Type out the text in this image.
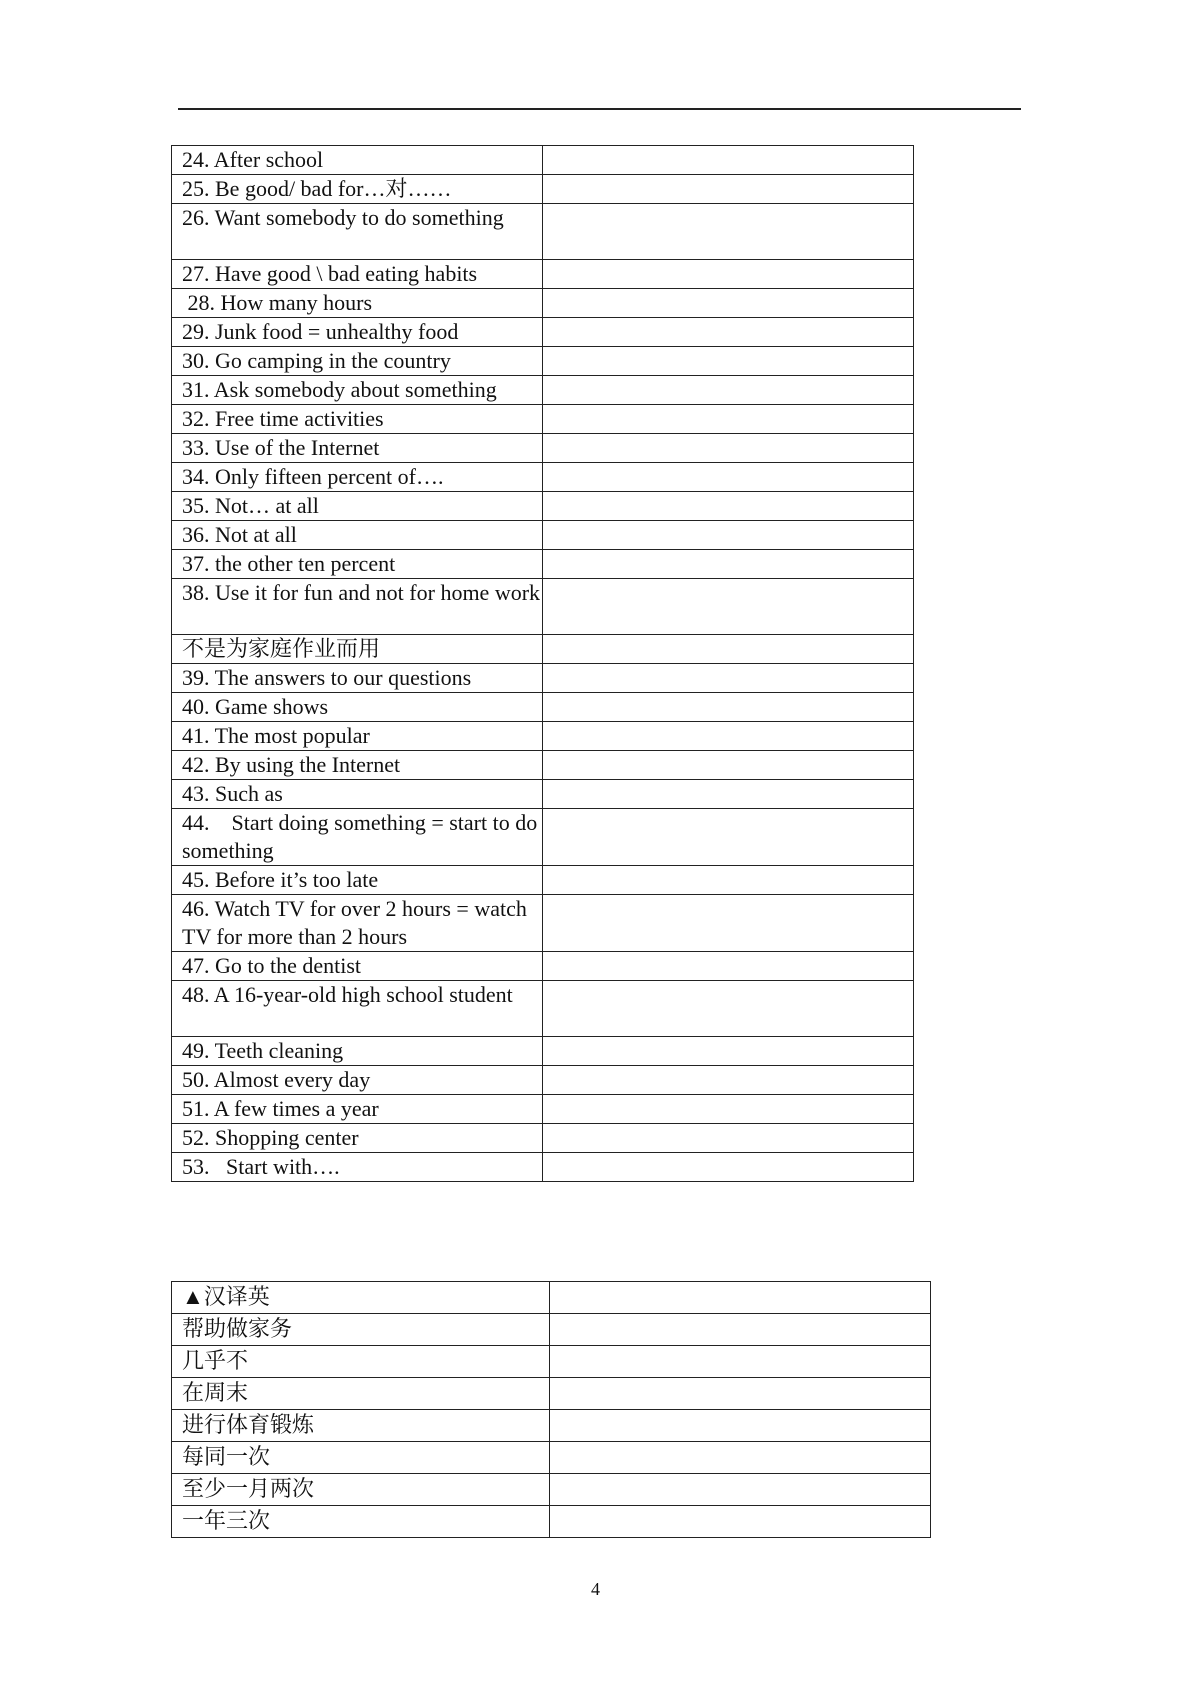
24. After school	
25. Be good/ bad for…对……	
26. Want somebody to do something	
27. Have good \ bad eating habits	
28. How many hours	
29. Junk food = unhealthy food	
30. Go camping in the country	
31. Ask somebody about something	
32. Free time activities	
33. Use of the Internet	
34. Only fifteen percent of….	
35. Not… at all	
36. Not at all	
37. the other ten percent	
38. Use it for fun and not for home work	
不是为家庭作业而用	
39. The answers to our questions	
40. Game shows	
41. The most popular	
42. By using the Internet	
43. Such as	
44.    Start doing something = start to do something	
45. Before it’s too late	
46. Watch TV for over 2 hours = watch TV for more than 2 hours	
47. Go to the dentist	
48. A 16-year-old high school student	
49. Teeth cleaning	
50. Almost every day	
51. A few times a year	
52. Shopping center	
53.   Start with….	
▲汉译英	
帮助做家务	
几乎不	
在周末	
进行体育锻炼	
每同一次	
至少一月两次	
一年三次	
4
